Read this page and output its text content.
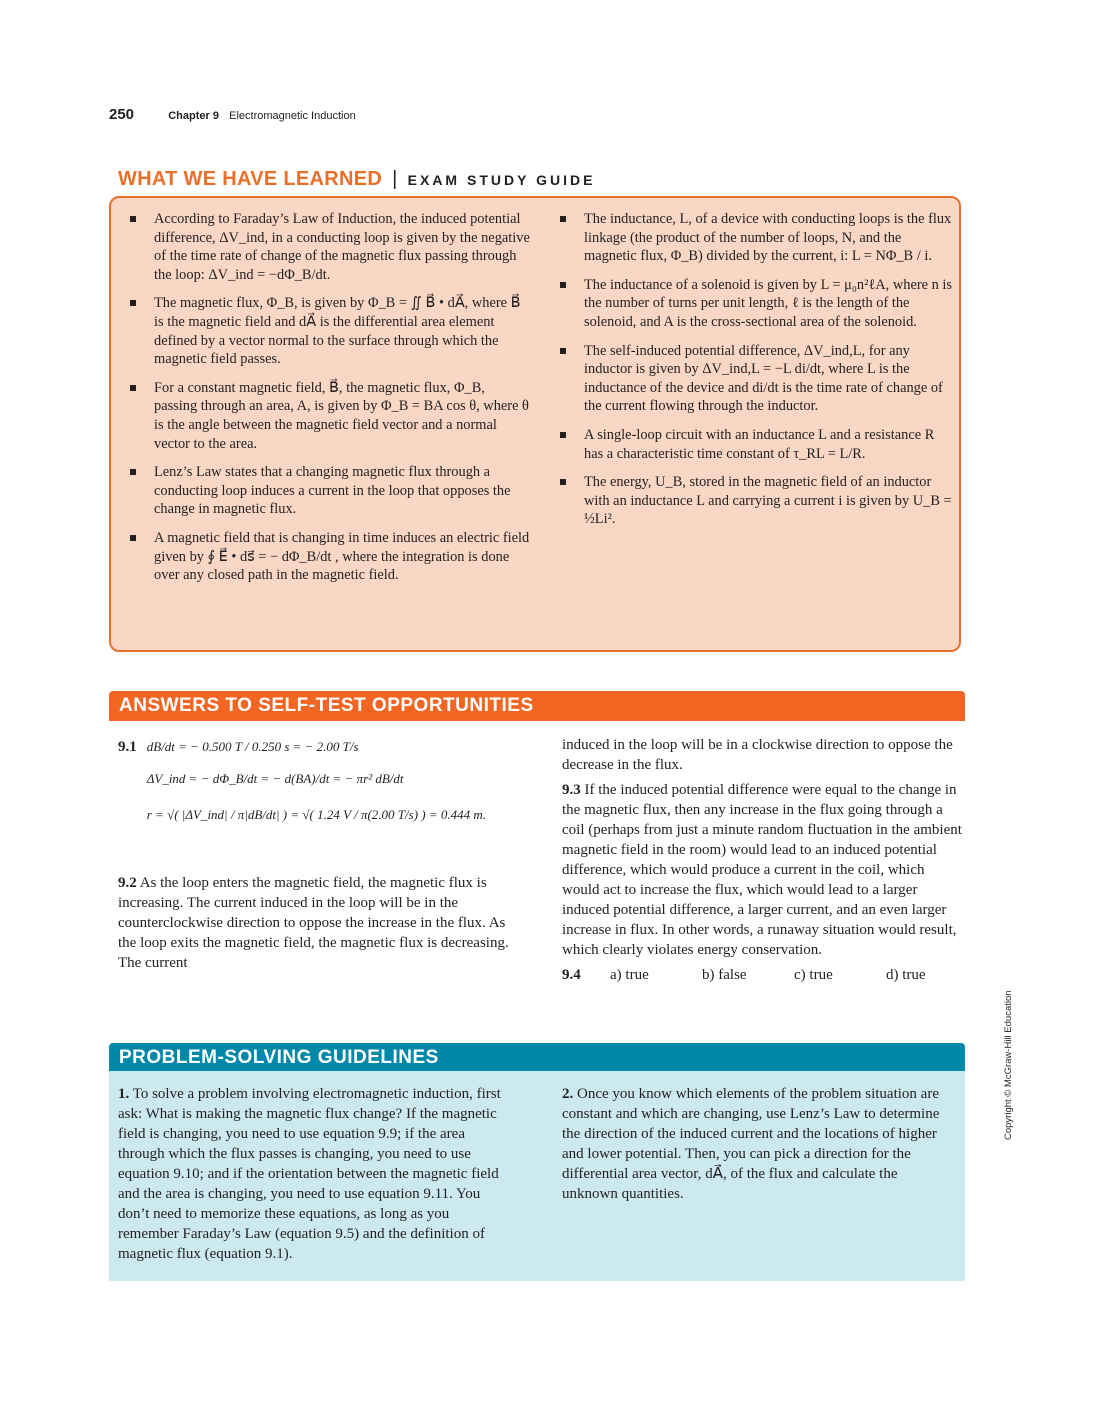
250	Chapter 9 Electromagnetic Induction
WHAT WE HAVE LEARNED | EXAM STUDY GUIDE
According to Faraday’s Law of Induction, the induced potential difference, ΔV_ind, in a conducting loop is given by the negative of the time rate of change of the magnetic flux passing through the loop: ΔV_ind = −dΦ_B/dt.
The magnetic flux, Φ_B, is given by Φ_B = ∬ B⃗ • dA⃗, where B⃗ is the magnetic field and dA⃗ is the differential area element defined by a vector normal to the surface through which the magnetic field passes.
For a constant magnetic field, B⃗, the magnetic flux, Φ_B, passing through an area, A, is given by Φ_B = BA cos θ, where θ is the angle between the magnetic field vector and a normal vector to the area.
Lenz’s Law states that a changing magnetic flux through a conducting loop induces a current in the loop that opposes the change in magnetic flux.
A magnetic field that is changing in time induces an electric field given by ∮ E⃗ • ds⃗ = − dΦ_B/dt , where the integration is done over any closed path in the magnetic field.
The inductance, L, of a device with conducting loops is the flux linkage (the product of the number of loops, N, and the magnetic flux, Φ_B) divided by the current, i: L = NΦ_B / i.
The inductance of a solenoid is given by L = μ₀n²ℓA, where n is the number of turns per unit length, ℓ is the length of the solenoid, and A is the cross-sectional area of the solenoid.
The self-induced potential difference, ΔV_ind,L, for any inductor is given by ΔV_ind,L = −L di/dt, where L is the inductance of the device and di/dt is the time rate of change of the current flowing through the inductor.
A single-loop circuit with an inductance L and a resistance R has a characteristic time constant of τ_RL = L/R.
The energy, U_B, stored in the magnetic field of an inductor with an inductance L and carrying a current i is given by U_B = ½Li².
ANSWERS TO SELF-TEST OPPORTUNITIES
9.1 dB/dt = − 0.500 T / 0.250 s = − 2.00 T/s
ΔV_ind = − dΦ_B/dt = − d(BA)/dt = − πr² dB/dt
r = √( |ΔV_ind| / π|dB/dt| ) = √( 1.24 V / π(2.00 T/s) ) = 0.444 m.
9.2 As the loop enters the magnetic field, the magnetic flux is increasing. The current induced in the loop will be in the counterclockwise direction to oppose the increase in the flux. As the loop exits the magnetic field, the magnetic flux is decreasing. The current
induced in the loop will be in a clockwise direction to oppose the decrease in the flux.
9.3 If the induced potential difference were equal to the change in the magnetic flux, then any increase in the flux going through a coil (perhaps from just a minute random fluctuation in the ambient magnetic field in the room) would lead to an induced potential difference, which would produce a current in the coil, which would act to increase the flux, which would lead to a larger induced potential difference, a larger current, and an even larger increase in flux. In other words, a runaway situation would result, which clearly violates energy conservation.
9.4	a) true	b) false	c) true	d) true
PROBLEM-SOLVING GUIDELINES
1. To solve a problem involving electromagnetic induction, first ask: What is making the magnetic flux change? If the magnetic field is changing, you need to use equation 9.9; if the area through which the flux passes is changing, you need to use equation 9.10; and if the orientation between the magnetic field and the area is changing, you need to use equation 9.11. You don’t need to memorize these equations, as long as you remember Faraday’s Law (equation 9.5) and the definition of magnetic flux (equation 9.1).
2. Once you know which elements of the problem situation are constant and which are changing, use Lenz’s Law to determine the direction of the induced current and the locations of higher and lower potential. Then, you can pick a direction for the differential area vector, dA⃗, of the flux and calculate the unknown quantities.
Copyright © McGraw-Hill Education
